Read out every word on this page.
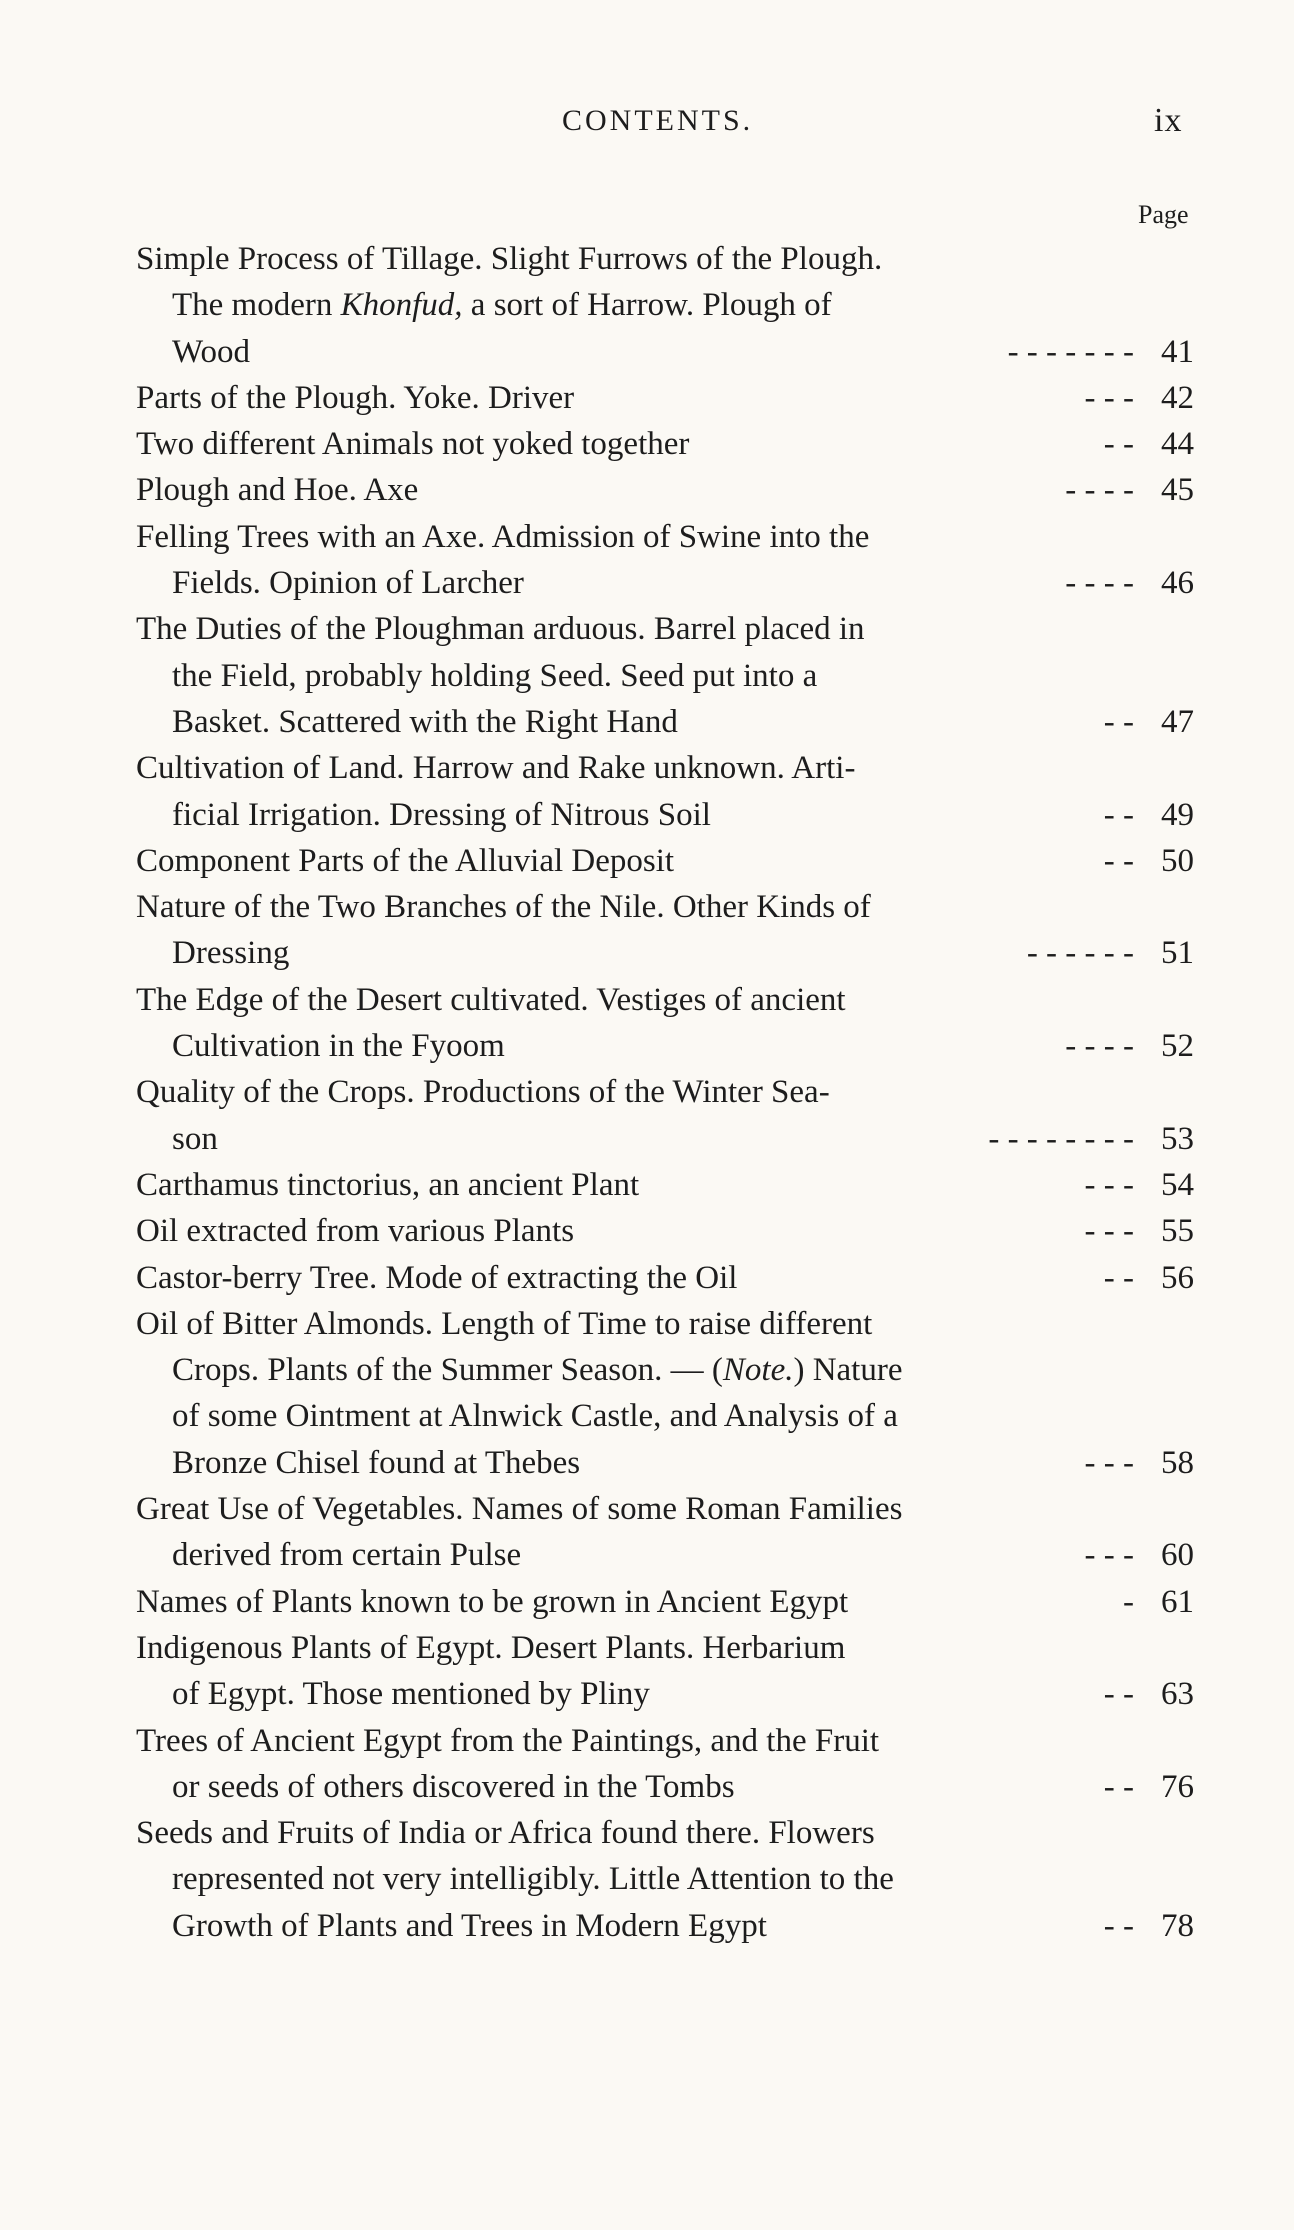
CONTENTS.	ix
Page
Simple Process of Tillage. Slight Furrows of the Plough.
The modern Khonfud, a sort of Harrow. Plough of
Wood	- - - - - - - 41
Parts of the Plough. Yoke. Driver	- - - 42
Two different Animals not yoked together	- - 44
Plough and Hoe. Axe	- - - - 45
Felling Trees with an Axe. Admission of Swine into the
Fields. Opinion of Larcher	- - - - 46
The Duties of the Ploughman arduous. Barrel placed in
the Field, probably holding Seed. Seed put into a
Basket. Scattered with the Right Hand	- - 47
Cultivation of Land. Harrow and Rake unknown. Arti-
ficial Irrigation. Dressing of Nitrous Soil	- - 49
Component Parts of the Alluvial Deposit	- - 50
Nature of the Two Branches of the Nile. Other Kinds of
Dressing	- - - - - - 51
The Edge of the Desert cultivated. Vestiges of ancient
Cultivation in the Fyoom	- - - - 52
Quality of the Crops. Productions of the Winter Sea-
son	- - - - - - - - 53
Carthamus tinctorius, an ancient Plant	- - - 54
Oil extracted from various Plants	- - - 55
Castor-berry Tree. Mode of extracting the Oil	- - 56
Oil of Bitter Almonds. Length of Time to raise different
Crops. Plants of the Summer Season. — (Note.) Nature
of some Ointment at Alnwick Castle, and Analysis of a
Bronze Chisel found at Thebes	- - - 58
Great Use of Vegetables. Names of some Roman Families
derived from certain Pulse	- - - 60
Names of Plants known to be grown in Ancient Egypt	- 61
Indigenous Plants of Egypt. Desert Plants. Herbarium
of Egypt. Those mentioned by Pliny	- - 63
Trees of Ancient Egypt from the Paintings, and the Fruit
or seeds of others discovered in the Tombs	- - 76
Seeds and Fruits of India or Africa found there. Flowers
represented not very intelligibly. Little Attention to the
Growth of Plants and Trees in Modern Egypt	- - 78
